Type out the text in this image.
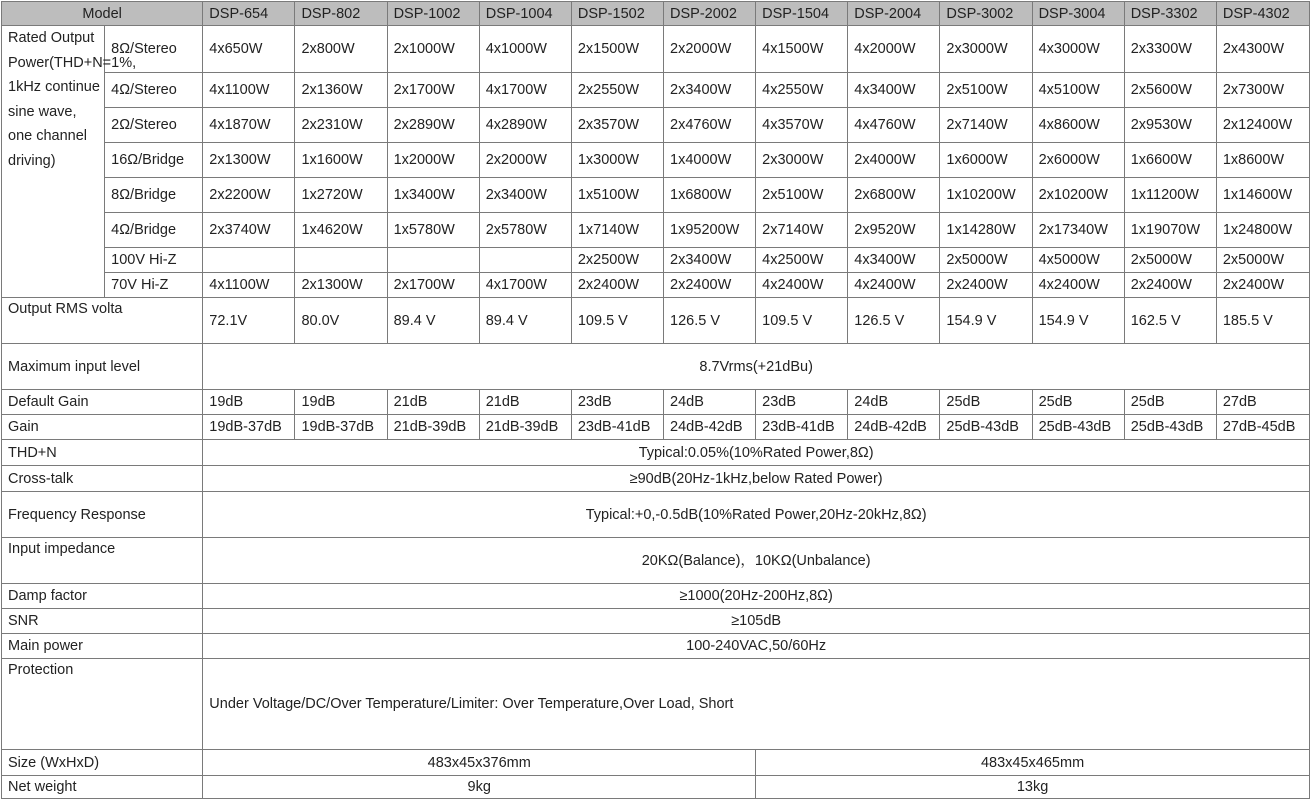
Model		DSP-654	DSP-802	DSP-1002	DSP-1004	DSP-1502	DSP-2002	DSP-1504	DSP-2004	DSP-3002	DSP-3004	DSP-3302	DSP-4302
Rated Output Power(THD+N=1%, 1kHz continue sine wave, one channel driving)	8Ω/Stereo	4x650W	2x800W	2x1000W	4x1000W	2x1500W	2x2000W	4x1500W	4x2000W	2x3000W	4x3000W	2x3300W	2x4300W
	4Ω/Stereo	4x1100W	2x1360W	2x1700W	4x1700W	2x2550W	2x3400W	4x2550W	4x3400W	2x5100W	4x5100W	2x5600W	2x7300W
	2Ω/Stereo	4x1870W	2x2310W	2x2890W	4x2890W	2x3570W	2x4760W	4x3570W	4x4760W	2x7140W	4x8600W	2x9530W	2x12400W
	16Ω/Bridge	2x1300W	1x1600W	1x2000W	2x2000W	1x3000W	1x4000W	2x3000W	2x4000W	1x6000W	2x6000W	1x6600W	1x8600W
	8Ω/Bridge	2x2200W	1x2720W	1x3400W	2x3400W	1x5100W	1x6800W	2x5100W	2x6800W	1x10200W	2x10200W	1x11200W	1x14600W
	4Ω/Bridge	2x3740W	1x4620W	1x5780W	2x5780W	1x7140W	1x95200W	2x7140W	2x9520W	1x14280W	2x17340W	1x19070W	1x24800W
	100V Hi-Z					2x2500W	2x3400W	4x2500W	4x3400W	2x5000W	4x5000W	2x5000W	2x5000W
	70V Hi-Z	4x1100W	2x1300W	2x1700W	4x1700W	2x2400W	2x2400W	4x2400W	4x2400W	2x2400W	4x2400W	2x2400W	2x2400W
Output RMS volta		72.1V	80.0V	89.4 V	89.4 V	109.5 V	126.5 V	109.5 V	126.5 V	154.9 V	154.9 V	162.5 V	185.5 V
Maximum input level		8.7Vrms(+21dBu)											
Default Gain		19dB	19dB	21dB	21dB	23dB	24dB	23dB	24dB	25dB	25dB	25dB	27dB
Gain		19dB-37dB	19dB-37dB	21dB-39dB	21dB-39dB	23dB-41dB	24dB-42dB	23dB-41dB	24dB-42dB	25dB-43dB	25dB-43dB	25dB-43dB	27dB-45dB
THD+N		Typical:0.05%(10%Rated Power,8Ω)											
Cross-talk		≥90dB(20Hz-1kHz,below Rated Power)											
Frequency Response		Typical:+0,-0.5dB(10%Rated Power,20Hz-20kHz,8Ω)											
Input impedance		20KΩ(Balance)，10KΩ(Unbalance)											
Damp factor		≥1000(20Hz-200Hz,8Ω)											
SNR		≥105dB											
Main power		100-240VAC,50/60Hz											
Protection		Under Voltage/DC/Over Temperature/Limiter: Over Temperature,Over Load, Short											
Size (WxHxD)		483x45x376mm						483x45x465mm					
Net weight		9kg						13kg					
